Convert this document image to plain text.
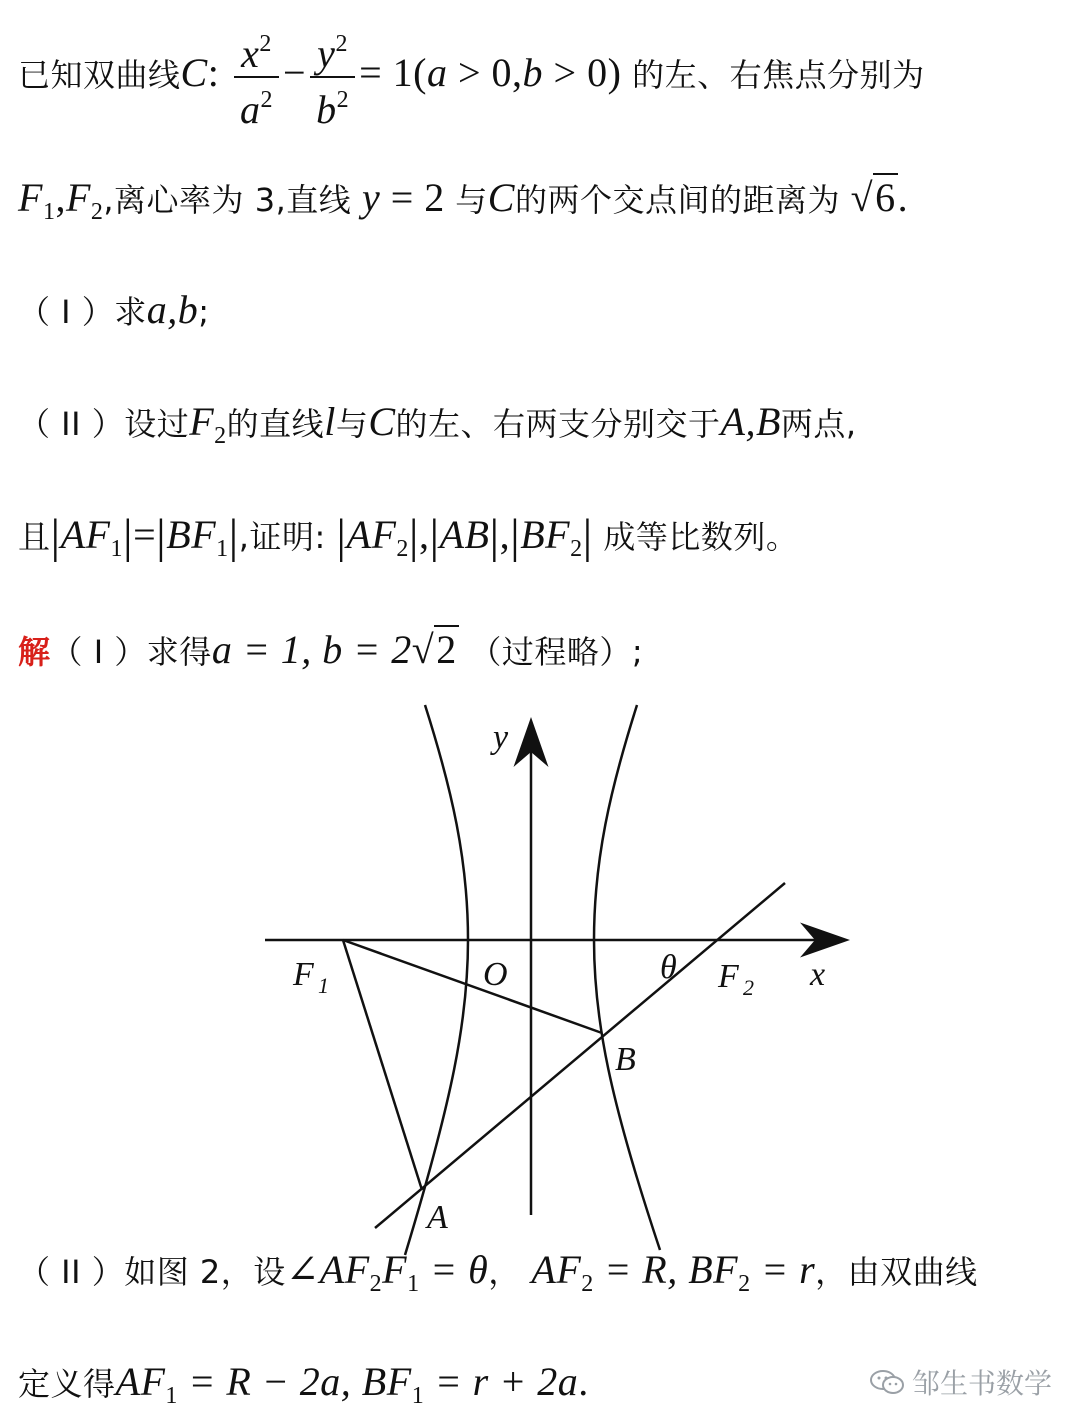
已知双曲线C: $\frac{x^2}{a^2} - \frac{y^2}{b^2} = 1(a > 0,b > 0)$ 的左、右焦点分别为
$F_1,F_2$,离心率为 3,直线 y = 2 与C的两个交点间的距离为 √6.
（ I ）求a,b;
（ II ）设过$F_2$的直线l与C的左、右两支分别交于A,B两点,
且$|AF_1|=|BF_1|$,证明: $|AF_2|,|AB|,|BF_2|$ 成等比数列。
解（ I ）求得a = 1, b = 2√2 （过程略）;
y
x
O
F 1	F 2
θ
A
B
（ II ）如图 2，设$\angle AF_2F_1 = \theta$， $AF_2 = R$, $BF_2 = r$，由双曲线
定义得$AF_1 = R - 2a$, $BF_1 = r + 2a$.	邹生书数学
